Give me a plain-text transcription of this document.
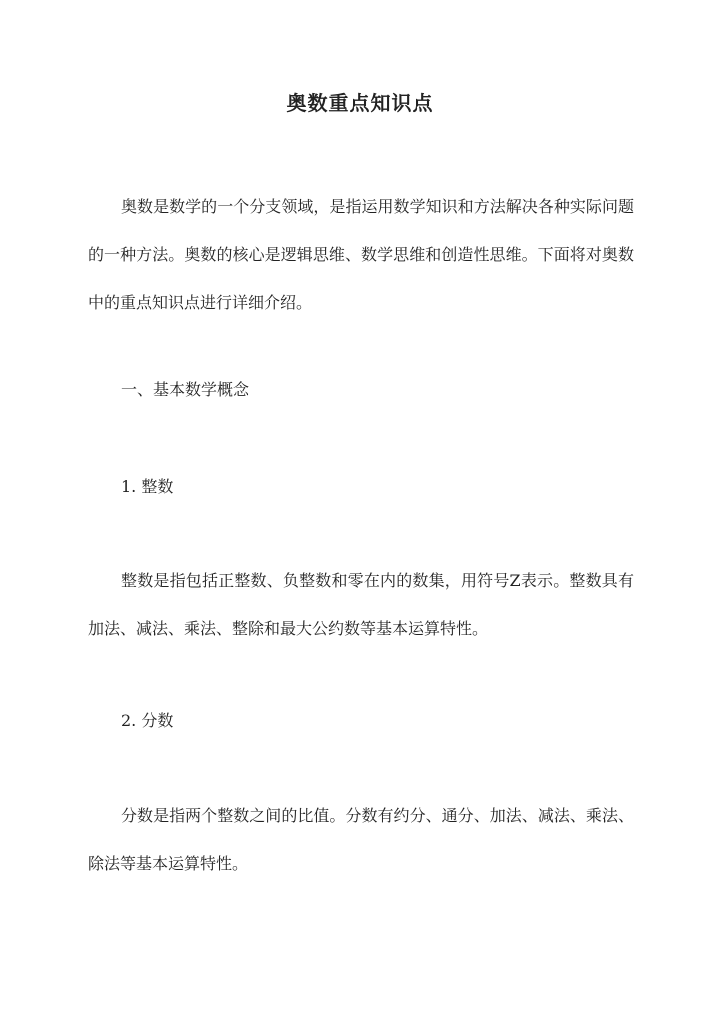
奥数重点知识点

奥数是数学的一个分支领域，是指运用数学知识和方法解决各种实际问题的一种方法。奥数的核心是逻辑思维、数学思维和创造性思维。下面将对奥数中的重点知识点进行详细介绍。

一、基本数学概念

1. 整数

整数是指包括正整数、负整数和零在内的数集，用符号Z表示。整数具有加法、减法、乘法、整除和最大公约数等基本运算特性。

2. 分数

分数是指两个整数之间的比值。分数有约分、通分、加法、减法、乘法、除法等基本运算特性。
